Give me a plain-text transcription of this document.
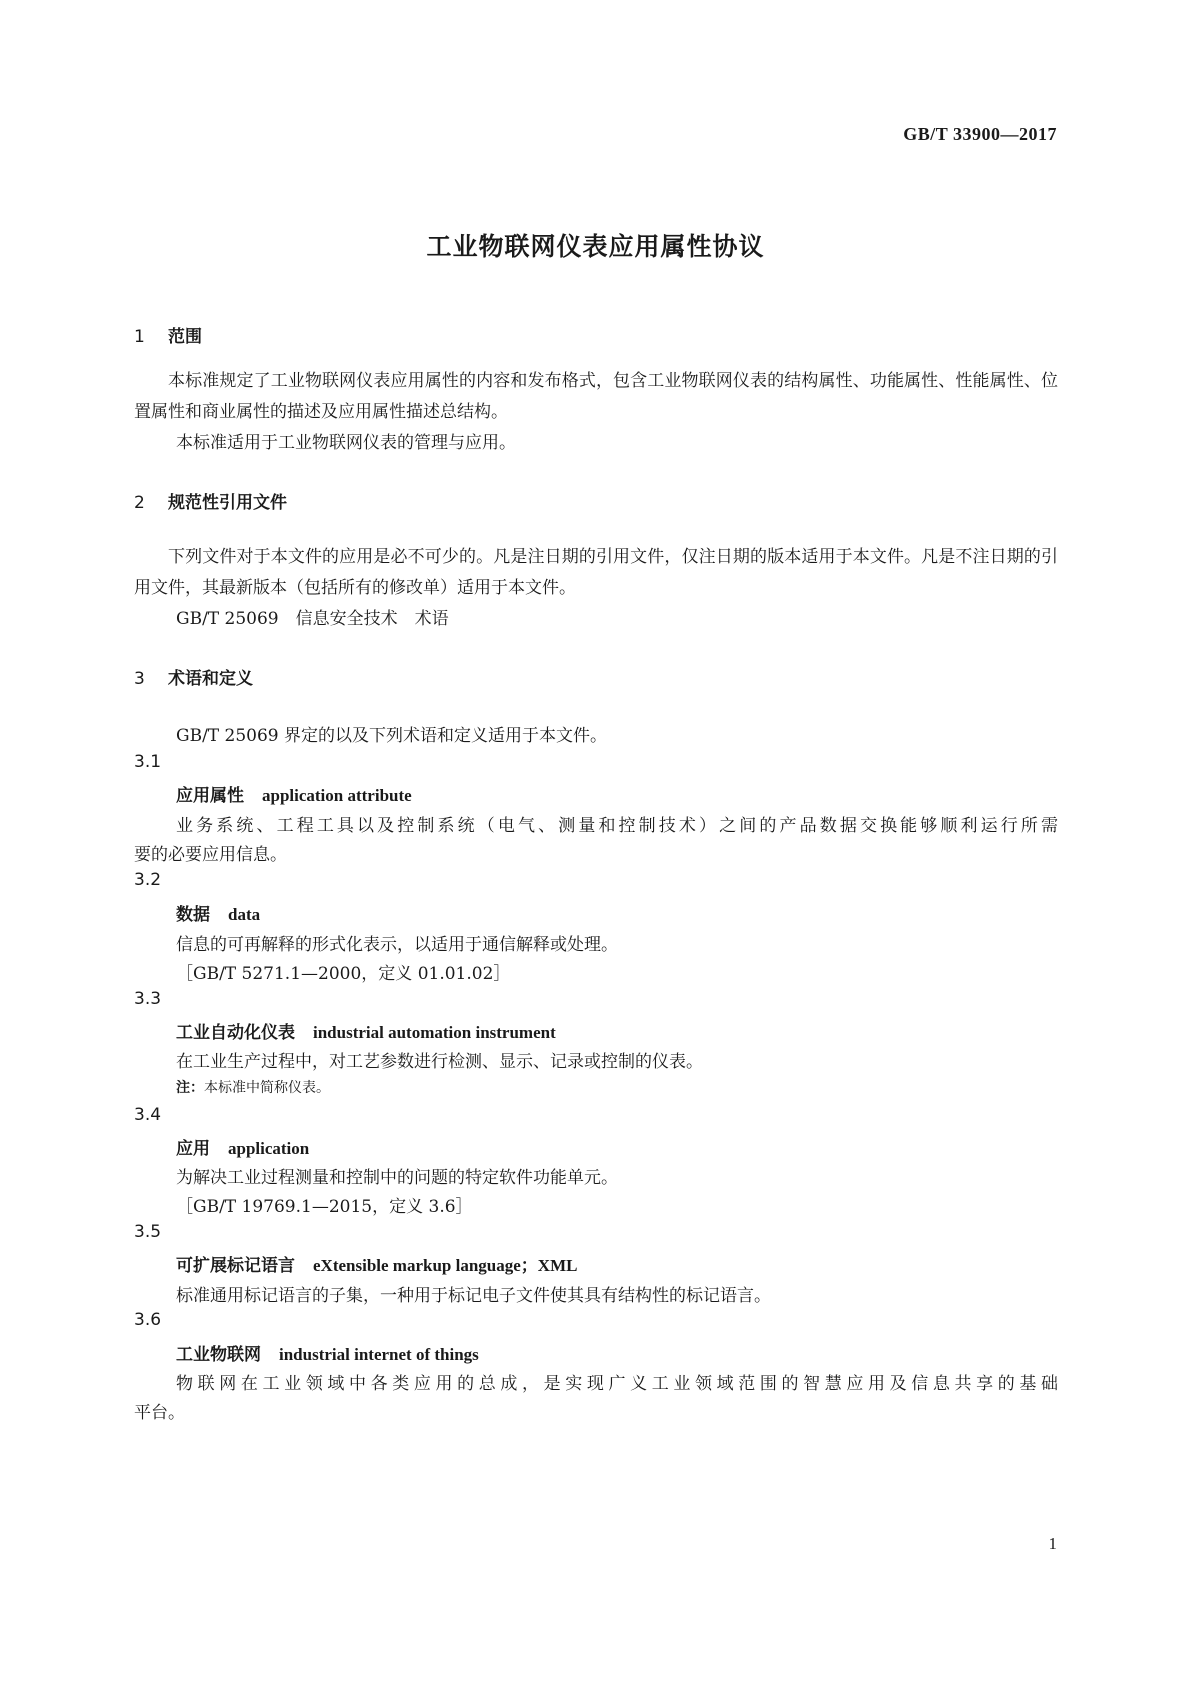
GB/T 33900—2017
工业物联网仪表应用属性协议
1 范围
本标准规定了工业物联网仪表应用属性的内容和发布格式，包含工业物联网仪表的结构属性、功能属性、性能属性、位置属性和商业属性的描述及应用属性描述总结构。
本标准适用于工业物联网仪表的管理与应用。
2 规范性引用文件
下列文件对于本文件的应用是必不可少的。凡是注日期的引用文件，仅注日期的版本适用于本文件。凡是不注日期的引用文件，其最新版本（包括所有的修改单）适用于本文件。
GB/T 25069　信息安全技术　术语
3 术语和定义
GB/T 25069 界定的以及下列术语和定义适用于本文件。
3.1
应用属性 application attribute
业务系统、工程工具以及控制系统（电气、测量和控制技术）之间的产品数据交换能够顺利运行所需
要的必要应用信息。
3.2
数据 data
信息的可再解释的形式化表示，以适用于通信解释或处理。
［GB/T 5271.1—2000，定义 01.01.02］
3.3
工业自动化仪表 industrial automation instrument
在工业生产过程中，对工艺参数进行检测、显示、记录或控制的仪表。
注：本标准中简称仪表。
3.4
应用 application
为解决工业过程测量和控制中的问题的特定软件功能单元。
［GB/T 19769.1—2015，定义 3.6］
3.5
可扩展标记语言 eXtensible markup language；XML
标准通用标记语言的子集，一种用于标记电子文件使其具有结构性的标记语言。
3.6
工业物联网 industrial internet of things
物联网在工业领域中各类应用的总成，是实现广义工业领域范围的智慧应用及信息共享的基础
平台。
1
